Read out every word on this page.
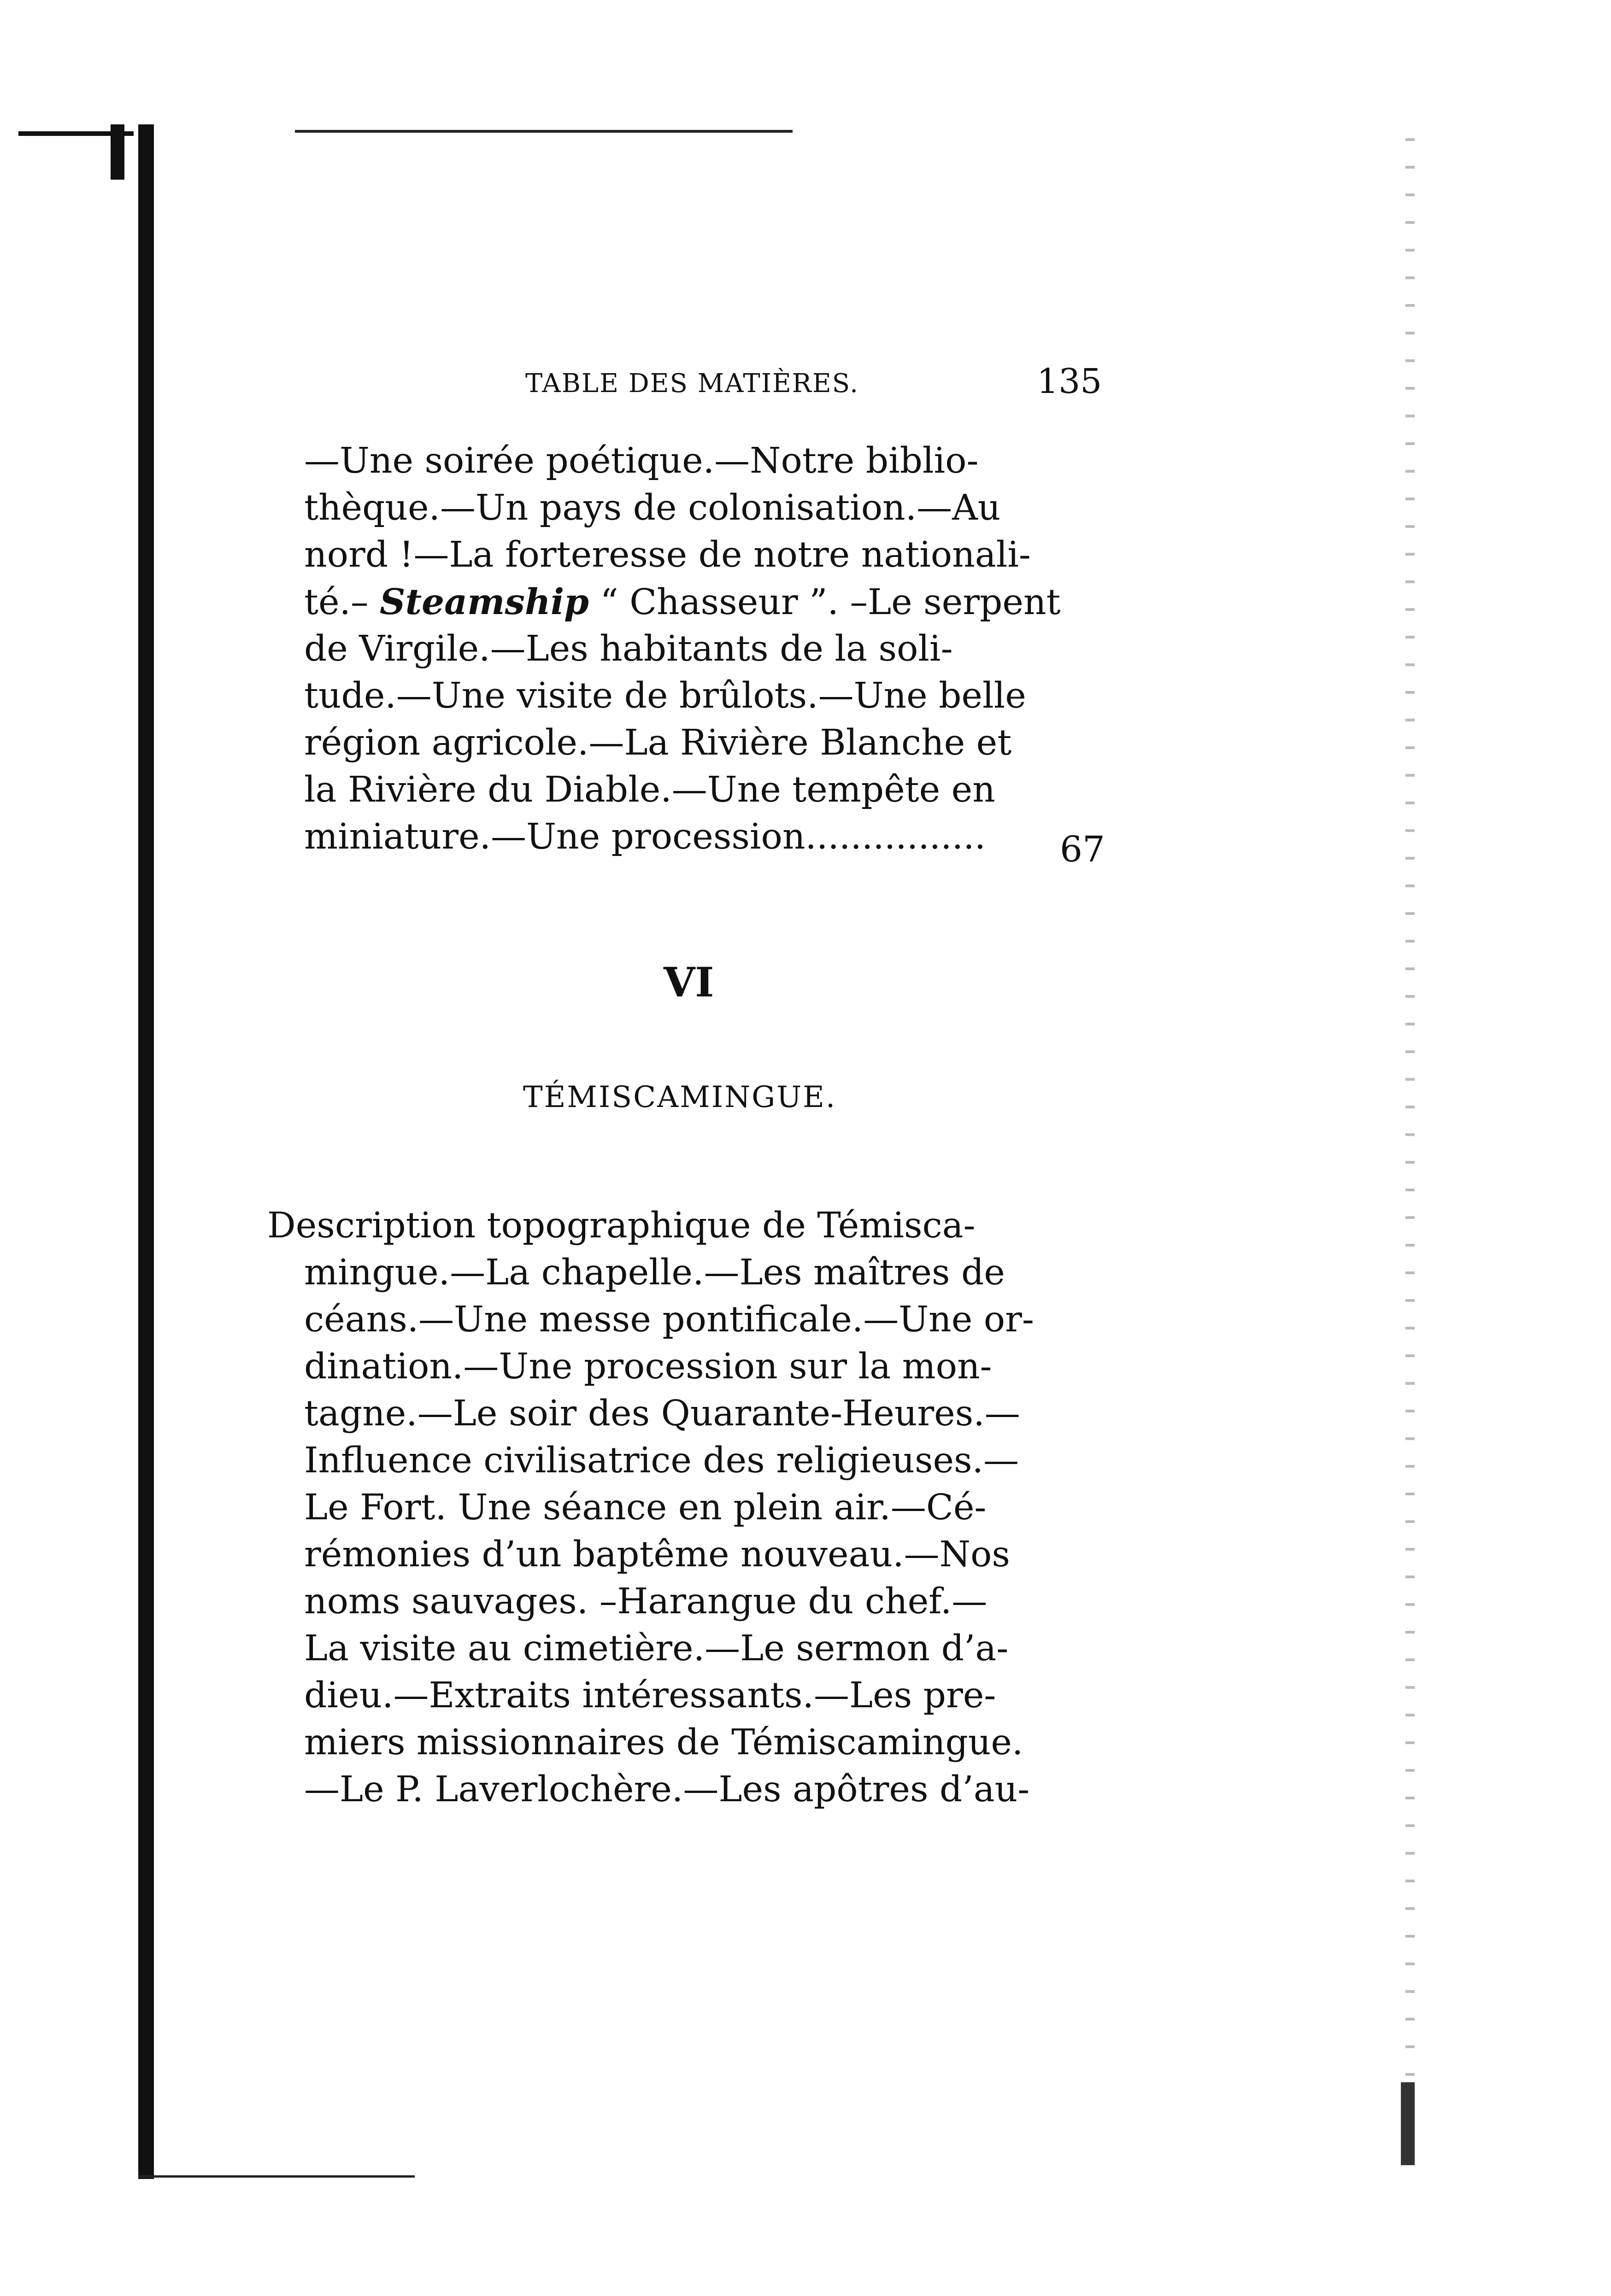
TABLE DES MATIÈRES.	135
—Une soirée poétique.—Notre biblio-
thèque.—Un pays de colonisation.—Au
nord !—La forteresse de notre nationali-
té.– Steamship “ Chasseur ”. –Le serpent
de Virgile.—Les habitants de la soli-
tude.—Une visite de brûlots.—Une belle
région agricole.—La Rivière Blanche et
la Rivière du Diable.—Une tempête en
miniature.—Une procession................	67
VI
TÉMISCAMINGUE.
Description topographique de Témisca-
mingue.—La chapelle.—Les maîtres de
céans.—Une messe pontificale.—Une or-
dination.—Une procession sur la mon-
tagne.—Le soir des Quarante-Heures.—
Influence civilisatrice des religieuses.—
Le Fort. Une séance en plein air.—Cé-
rémonies d’un baptême nouveau.—Nos
noms sauvages. –Harangue du chef.—
La visite au cimetière.—Le sermon d’a-
dieu.—Extraits intéressants.—Les pre-
miers missionnaires de Témiscamingue.
—Le P. Laverlochère.—Les apôtres d’au-
